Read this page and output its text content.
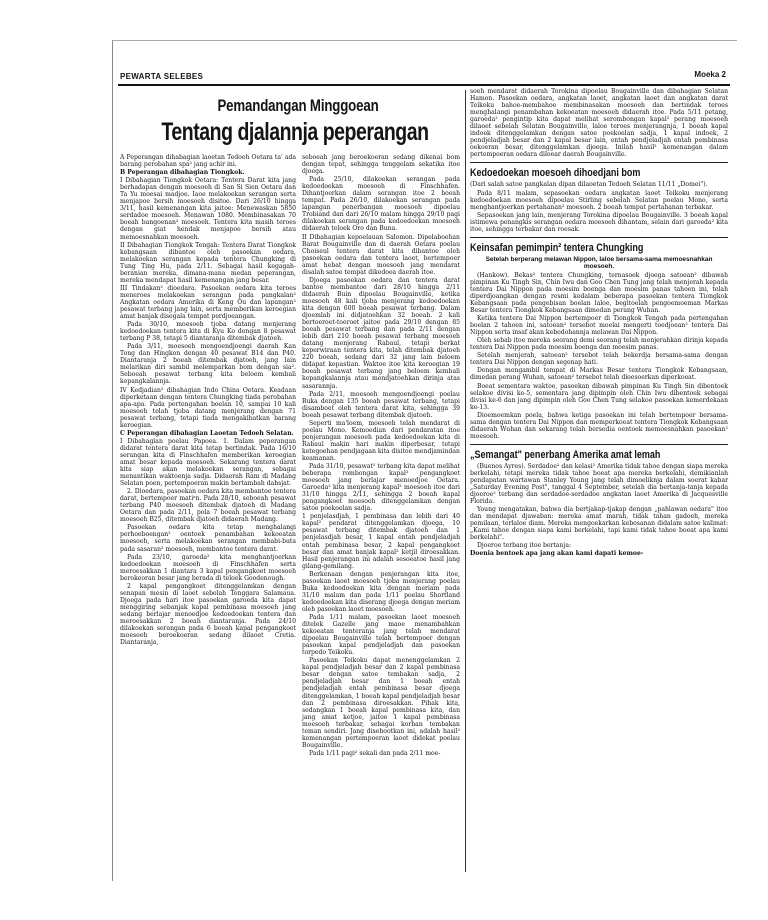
PEWARTA SELEBES	Moeka 2
Pemandangan Minggoean
Tentang djalannja peperangan

A Peperangan dihabagian laoetan Tedoeh Oetara ta' ada barang perobahan spa² jang achir ini.

B Peperangan dibahagian Tiongkok.

I Dibahagian Tiongkok Oetara: Tentera Darat kita jang berhadapan dengan moesoeh di San Si Sien Oetara dan Ta Yu moesai madjoe. Iaoe melakoekan serangan serta menjapoe bersih moesoeh disitoe. Dari 26/10 hingga 3/11, hasil kemenangan kita jaitoe: Menewaskan 5850 serdadoe moesoeh. Menawan 1080. Membinasakan 70 boeah bangoenan² moesoeh. Tentera kita masih teroes dengan giat hendak menjapoe bersih atau memoesnahkan moesoeh.

II Dibahagian Tiongkok Tengah: Tentera Darat Tiongkok kebangsaan dibantoe oleh pasoekan oedara, melakoekan serangan kepada tentera Chungking di Tung Ting Hu, pada 2/11. Sebagai hasil kegagah-beranian mereka, dimana-mana medan peperangan, mereka mendapat hasil kemenangan jang besar.

III Tindakan² dioedara. Pasoekan oedara kita teroes meneroes melakoekan serangan pada pangkalan² Angkatan oedara Amerika di Keng Ou dan lapangan² pesawat terbang jang lain, serta memberikan keroegian amat banjak disegala tempat perdjoeangan.

Pada 30/10, moesoeh tjoba datang menjerang kedoedoekan tentera kita di Kyu Ko dengan 8 pesawat terbang P 38, tetapi 5 diantaranja ditembak djatoeh.

Pada 3/11, moesoeh mengoendjoengi daerah Kan Tong dan Hingkon dengan 40 pesawat B14 dan P40. Diantaranja 2 boeah ditembak djatoeh, jang lain melarikan diri sambil melemparkan bom dengan sia². Seboeah pesawat terbang kita beloem kembali kepangkalannja.

IV Kedjadian² dibahagian Indo China Oetara. Keadaan diperketaan dengan tentera Chungking tiada perobahan apa-apa. Pada pertengahan boelan 10, sampai 10 kali moesoeh telah tjoba datang menjerang dengan 71 pesawat terbang, tetapi tiada mengakibatkan barang keroegian.

C Peperangan dibahagian Laoetan Tedoeh Selatan.

I Dibahagian poelau Papoea. 1. Dalam peperangan didarat tentera darat kita tetap bertindak. Pada 16/10 serangan kita di Finschhafen memberikan keroegian amat besar kepada moesoeh. Sekarang tentera darat kita siap akan melakoekan serangan, sebagai menantikan waktoenja sadja. Didaerah Ram di Madang Selatan poen, pertempoeran makin bertambah dahsjat.

2. Dioedara, pasoekan oedara kita membantoe tentera darat, bertempoer matiᵃn. Pada 28/10, seboeah pesawat terbang P40 moesoeh ditembak djatoeh di Madang Oetara dan pada 2/11, pola 7 boeah pesawat terbang moesoeh B25, ditembak djatoeh didaerah Madang.

Pasoekan oedara kita tetap menghalangi perhoeboengan² oentoek penambahan kekoeatan moesoeh, serta melakoekan serangan membabi-buta pada sasaran² moesoeh, membantoe tentera darat.

Pada 23/10, garoeda² kita menghantjoerkan kedoedoekan moesoeh di Finschhafen serta meroesakkan 1 diantara 3 kapal pengangkoet moesoeh berokeoran besar jang berada di teloek Goodenough.

2 kapal pengangkoet ditenggelamkan dengan senapan mesin di laoet sebelah Tenggara Salamaua. Djoega pada hari itoe pasoekan garoeda kita dapat menggiring sebanjak kapal pembinasa moesoeh jang sedang berlajar menoedjoe kedoedoekan tentera dan meroesakkan 2 boeah diantaranja. Pada 24/10 dilakoekan serangan pada 6 boeah kapal pengangkoet moesoeh beroekoeran sedang dilaoet Cretia. Diantaranja,

seboeah jang beroekoeran sedang dikenai bom dengan tepat, sehingga tenggelam sekatika itoe djoega.

Pada 25/10, dilakoekan serangan pada kedoedoekan moesoeh di Finschhafen. Dihantjoerkan dalam serangan itoe 2 boeah tempat. Pada 26/10, dilakoekan serangan pada lapangan penerbangan moesoeh dipoelau Trobiand dan dari 26/10 malam hingga 29/10 pagi dilakoekan serangan pada kedoedoekan moesoeh didaerah teloek Oro dan Buna.

II Dibahagian kepoelauan Salomon. Dipelaboehan Barat Bougainville dan di daerah Oetara poelau Choiseul tentera darat kita dibantoe oleh pasoekan oedara dan tentera laoet, bertempoer amat hebat dengan moesoeh jang mendarat disalah satoe tempat dikedoea daerah itoe.

Djoega pasoekan oedara dan tentera darat bantoe membantoe dari 28/10 hingga 2/11 didaerah Buin dipoelau Bougainville, ketika moesoeh 48 kali tjoba menjerang kedoedoekan kita dengan 600 boeah pesawat terbang. Dalam djoemlah ini didjatoehkan 32 boeah. 2 kali bertoeroet-toeroet jaitoe pada 29/10 dengan 85 boeah pesawat terbang dan pada 2/11 dengan lebih dari 210 boeah pesawat terbang moesoeh datang menjerang Rabaul, tetapi berkat keperwiraan tentera kita, telah ditembak djatoeh 220 boeah, sedang dari 32 jang lain beloem didapat kepastian. Waktoe itoe kita keroegian 19 boeah pesawat terbang jang beloem kembali kepangkalannja atau mendjatoehkan dirinja atas sasarannja.

Pada 2/11, moesoeh mengoendjoengi poelau Buka dengan 135 boeah pesawat terbang, tetapi disamboet oleh tentera darat kita, sehingga 39 boeah pesawat terbang ditembak djatoeh.

Seperti ma'loem, moesoeh telah mendarat di poelau Mono. Kemoedian dari pendaratan itoe penjerangan moesoeh pada kedoedoekan kita di Rabaul makin hari makin diperbesar, tetapi ketegoehan pendjagaan kita disitoe mendjamindan keamanan.

Pada 31/10, pesawat² terbang kita dapat melihat beberapa rombongan kapal² pengangkoet moesoeh jang berlajar menoedjoe Oetara. Garoeda² kita menjerang kapal² moesoeh itoe dari 31/10 hingga 2/11, sehingga 2 boeah kapal pengangkoet moesoeh ditenggelamkan dengan satoe poekoelan sadja.

1 penjelasdjah, 1 pembinasa dan lebih dari 40 kapal² pendarat ditenggelamkan djoega, 10 pesawat terbang ditembak djatoeh dan 1 penjelasdjah besar, 1 kapal entah pendjeladjah entah pembinasa besar, 2 kapal pengangkoet besar dan amat banjak kapal² ketjil diroesakkan. Hasil penjerangan ini adalah sesoeatoe hasil jang gilang-gemilang.

Berkenaan dengan penjerangan kita itoe, pasoekan laoet moesoeh tjoba menjerang poelau Buka kedoedoekan kita dengan meriam pada 31/10 malam dan pada 1/11 poelau Shortland kedoedoekan kita diserang djoega dengan meriam oleh pasoekan laoet moesoeh.

Pada 1/11 malam, pasoekan laoet moesoeh ditelek Gazelle jang maoe menambahkan kekoeatan tenteranja jang telah mendarat dipoelau Bougainville telah bertempoer dengan pasoekan kapal pendjeladjah dan pasoekan torpedo Teikoku.

Pasoekan Teikoku dapat menenggelamkan 2 kapal pendjeladjah besar dan 2 kapal pembinasa besar dengan satoe tembakan sadja, 2 pendjeladjah besar dan 1 boeah entah pendjeladjah entah pembinasa besar djoega ditenggelamkan, 1 boeah kapal pendjeladjah besar dan 2 pembinasa diroesakkan. Pihak kita, sedangkan 1 boeah kapal pembinasa kita, dan jang amat ketjoe, jaitoe 1 kapal pembinasa moesoeh terbakar, sebagai korban tembakan teman sendiri. Jang disebootkan ini, adalah hasil² kemenangan pertempoeran laoet didekat poelau Bougainville.

Pada 1/11 pagi² sekali dan pada 2/11 moe-

soeh mendarat didaerah Torokina dipoelau Bougainville dan dibahagian Selatan Hamon. Pasoekan oedara, angkatan laoet, angkatan laoet dan angkatan darat Teikoku bahoe-membahoe membinasakan moesoeh dan bertindak teroes menghalangi penambahan kekoeatan moesoeh didaerah itoe. Pada 5/11 petang, garoeda² pengintip kita dapat melihat serombongan kapal² perang moesoeh dilaoet sebelah Selatan Bougainville, laloe teroes menjerangnja, 1 boeah kapal indoek ditenggelamkan dengan satoe poekoelan sadja, 1 kapal indoek, 2 pendjeladjah besar dan 2 kapal besar lain, entah pendjeladjah entah pembinasa oekoeran besar, ditenggelamkan djoega. Inilah hasil² kemenangan dalam pertempoeran oedara diloear daerah Bougainville.

Kedoedoekan moesoeh dihoedjani bom

(Dari salah satoe pangkalan dipan dilaoetan Tedoeh Selatan 11/11 „Domei").

Pada 8/11 malam, sepasoekan oedara angkatan laoet Teikoku menjerang kedoedoekan moesoeh dipoelau Stirling sebelah Selatan poelau Mono, serta menghantjoerkan pertahanan² moesoeh. 2 boeah tempat pertahanan terbakar.

Sepasoekan jang lain, menjerang Torokina dipoelau Bougainville. 3 boeah kapal istimewa penangkis serangan oedara moesoeh dihantam, selain dari garoeda² kita itoe, sehingga terbakar dan roesak.

Keinsafan pemimpin² tentera Chungking
Setelah berperang melawan Nippon, laloe bersama-sama memoesnahkan moesoeh.

(Hankow). Bekas² tentera Chungking, ternasoek djoega satoean² dibawah pimpinan Ku Tingh Sin, Chin Iwu dan Goo Chen Tung jang telah menjerah kepada tentera Dai Nippon pada moesim boenga dan moesim panas tahoen ini, telah diperdjoangkan dengan resmi kedalam beberapa pasoekan tentera Tiongkok Kebangsaan pada pengebisan boelan laloe, begitoelah pengoemoeman Markas Besar tentera Tiongkok Kebangsaan dimedan perang Wuhan.

Ketika tentera Dai Nippon bertempoer di Tiongkok Tengah pada pertengahan boelan 2 tahoen ini, satoean² tersebot moelai mengerti toedjoean² tentera Dai Nippon serta insaf akan kebodohannja melawan Dai Nippon.

Oleh sebab itoe mereka seorang demi seorang telah menjerahkan dirinja kepada tentera Dai Nippon pada moesim boenga dan moesim panas.

Setelah menjerah, satoean² tersebot telah bekerdja bersama-sama dengan tentera Dai Nippon dengan segenap hati.

Dengan mengambil tempat di Markas Besar tentera Tiongkok Kebangsaan, dimedan perang Wuhan, satoean² tersebot telah dioesoerkan diperkoeat.

Boeat sementara waktoe, pasoekan dibawah pimpinan Ku Tingh Sin dibentoek selakoe divisi ke-5, sementara jang dipimpin oleh Chin Iwu dibentoek sebagai divisi ke-6 dan jang dipimpin oleh Goo Chen Tung selakoe pasoekan kemerdekaan ke-13.

Dioemoemkan poela, bahwa ketiga pasoekan ini telah bertempoer bersama-sama dengan tentera Dai Nippon dan memperkoeat tentera Tiongkok Kebangsaan didaerah Wuhan dan sekarang telah bersedia oentoek memoesnahkan pasoekan² moesoeh.

„Semangat" penerbang Amerika amat lemah

(Buenos Ayres). Serdadoe² dan kelasi² Amerika tidak tahoe dengan siapa mereka berkelahi, tetapi mereka tidak tahoe boeat apa mereka berkelahi, demikianlah pendapatan wartawan Stanley Young jang telah dimoeliknja dalam soerat kabar „Saturday Evening Post", tanggal 4 September, setelah dia bertanja-tanja kepada djoeroe² terbang dan serdadoe-serdadoe angkatan laoet Amerika di Jacquesville Florida.

Young mengatakan, bahwa dia bertjakap-tjakap dengan „pahlawan oedara" itoe dan mendapat djawaban: mereka amat marah, tidak tahan gadoeh, mereka pemilaan, terlaloe diam. Mereka mengoekarkan kebosanan didalam satoe kalimat: „Kami tahoe dengan siapa kami berkelahi, tapi kami tidak tahoe boeat apa kami berkelahi".

Djoeroe terbang itoe bertanja:

Doenia bentoek apa jang akan kami dapati kemoe-
